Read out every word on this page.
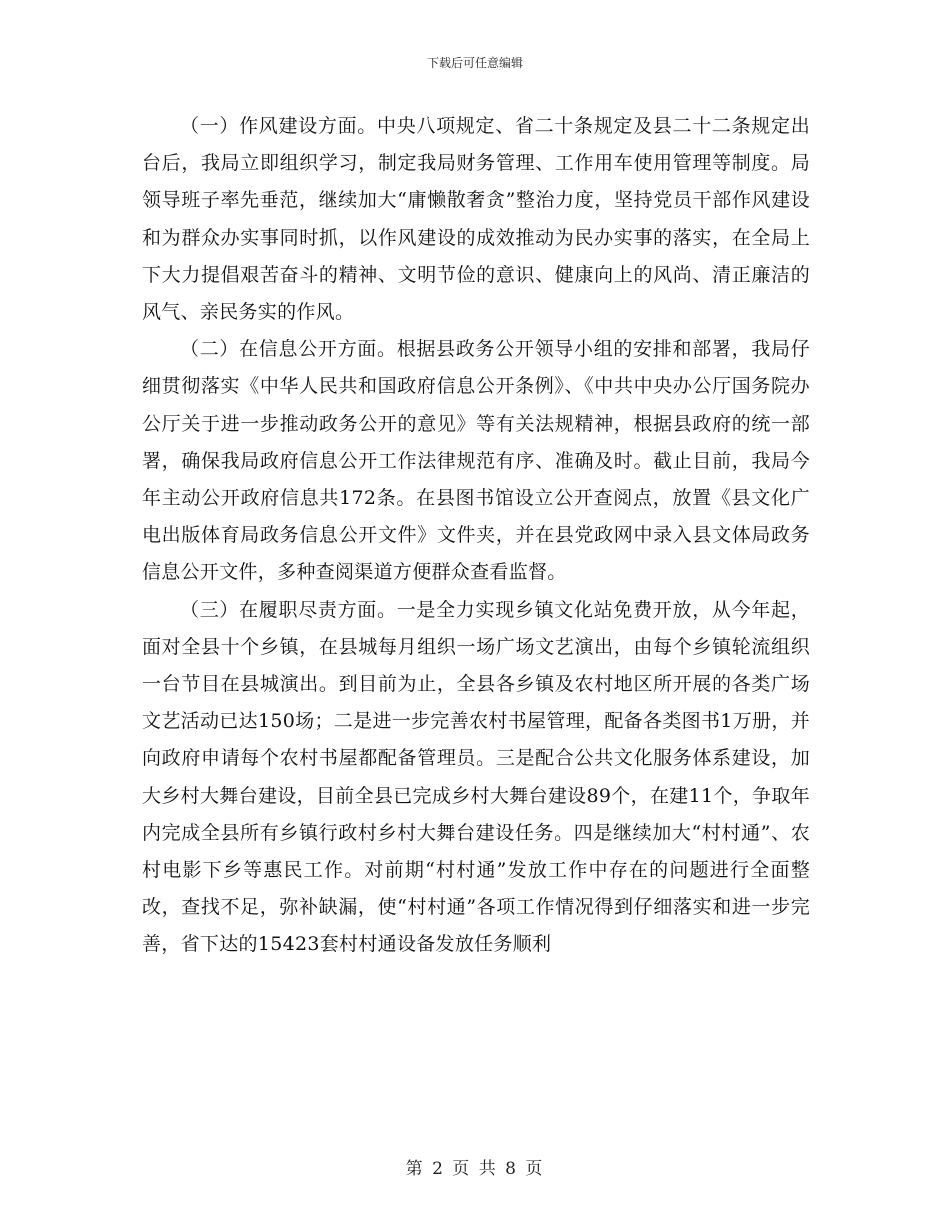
下载后可任意编辑

（一）作风建设方面。中央八项规定、省二十条规定及县二十二条规定出台后，我局立即组织学习，制定我局财务管理、工作用车使用管理等制度。局领导班子率先垂范，继续加大“庸懒散奢贪”整治力度，坚持党员干部作风建设和为群众办实事同时抓，以作风建设的成效推动为民办实事的落实，在全局上下大力提倡艰苦奋斗的精神、文明节俭的意识、健康向上的风尚、清正廉洁的风气、亲民务实的作风。

（二）在信息公开方面。根据县政务公开领导小组的安排和部署，我局仔细贯彻落实《中华人民共和国政府信息公开条例》、《中共中央办公厅国务院办公厅关于进一步推动政务公开的意见》等有关法规精神，根据县政府的统一部署，确保我局政府信息公开工作法律规范有序、准确及时。截止目前，我局今年主动公开政府信息共172条。在县图书馆设立公开查阅点，放置《县文化广电出版体育局政务信息公开文件》文件夹，并在县党政网中录入县文体局政务信息公开文件，多种查阅渠道方便群众查看监督。

（三）在履职尽责方面。一是全力实现乡镇文化站免费开放，从今年起，面对全县十个乡镇，在县城每月组织一场广场文艺演出，由每个乡镇轮流组织一台节目在县城演出。到目前为止，全县各乡镇及农村地区所开展的各类广场文艺活动已达150场；二是进一步完善农村书屋管理，配备各类图书1万册，并向政府申请每个农村书屋都配备管理员。三是配合公共文化服务体系建设，加大乡村大舞台建设，目前全县已完成乡村大舞台建设89个，在建11个，争取年内完成全县所有乡镇行政村乡村大舞台建设任务。四是继续加大“村村通”、农村电影下乡等惠民工作。对前期“村村通”发放工作中存在的问题进行全面整改，查找不足，弥补缺漏，使“村村通”各项工作情况得到仔细落实和进一步完善，省下达的15423套村村通设备发放任务顺利

第 2 页 共 8 页
